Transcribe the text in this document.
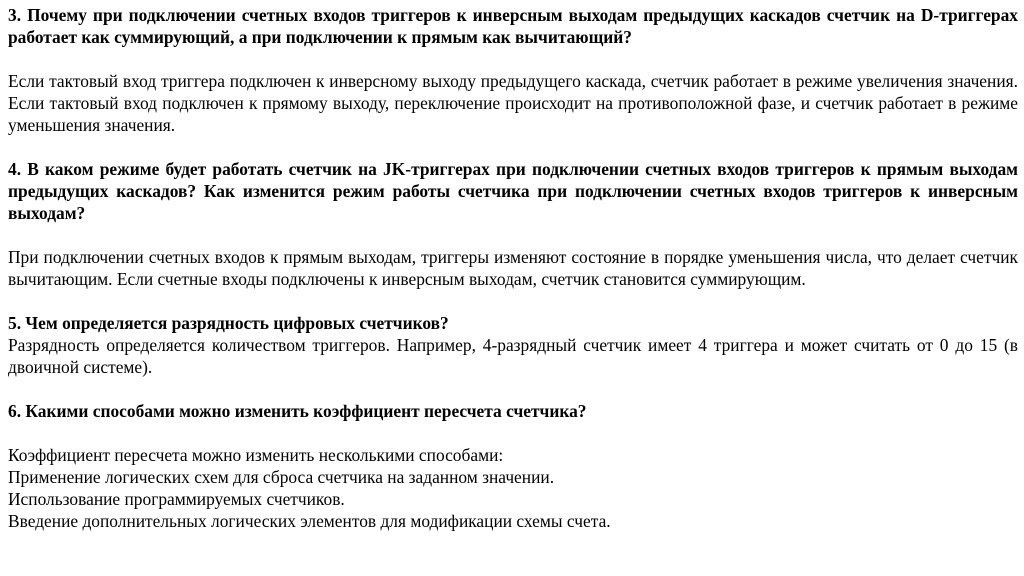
3. Почему при подключении счетных входов триггеров к инверсным выходам предыдущих каскадов счетчик на D-триггерах работает как суммирующий, а при подключении к прямым как вычитающий?

Если тактовый вход триггера подключен к инверсному выходу предыдущего каскада, счетчик работает в режиме увеличения значения. Если тактовый вход подключен к прямому выходу, переключение происходит на противоположной фазе, и счетчик работает в режиме уменьшения значения.

4. В каком режиме будет работать счетчик на JK-триггерах при подключении счетных входов триггеров к прямым выходам предыдущих каскадов? Как изменится режим работы счетчика при подключении счетных входов триггеров к инверсным выходам?

При подключении счетных входов к прямым выходам, триггеры изменяют состояние в порядке уменьшения числа, что делает счетчик вычитающим. Если счетные входы подключены к инверсным выходам, счетчик становится суммирующим.

5. Чем определяется разрядность цифровых счетчиков?

Разрядность определяется количеством триггеров. Например, 4-разрядный счетчик имеет 4 триггера и может считать от 0 до 15 (в двоичной системе).

6. Какими способами можно изменить коэффициент пересчета счетчика?

Коэффициент пересчета можно изменить несколькими способами:

Применение логических схем для сброса счетчика на заданном значении.

Использование программируемых счетчиков.

Введение дополнительных логических элементов для модификации схемы счета.
